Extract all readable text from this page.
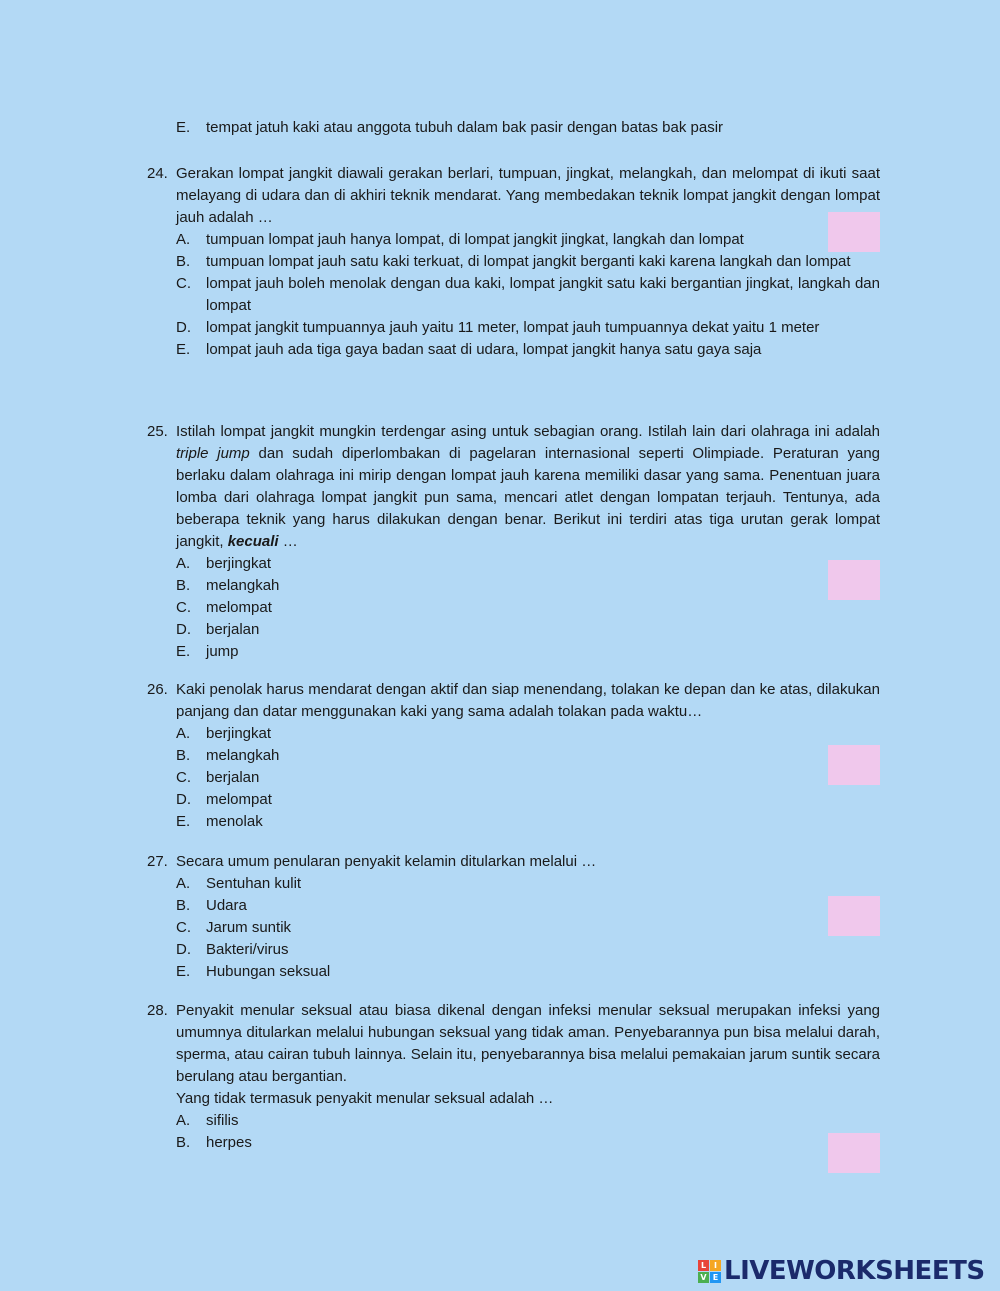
E. tempat jatuh kaki atau anggota tubuh dalam bak pasir dengan batas bak pasir
24. Gerakan lompat jangkit diawali gerakan berlari, tumpuan, jingkat, melangkah, dan melompat di ikuti saat melayang di udara dan di akhiri teknik mendarat. Yang membedakan teknik lompat jangkit dengan lompat jauh adalah …
A. tumpuan lompat jauh hanya lompat, di lompat jangkit jingkat, langkah dan lompat
B. tumpuan lompat jauh satu kaki terkuat, di lompat jangkit berganti kaki karena langkah dan lompat
C. lompat jauh boleh menolak dengan dua kaki, lompat jangkit satu kaki bergantian jingkat, langkah dan lompat
D. lompat jangkit tumpuannya jauh yaitu 11 meter, lompat jauh tumpuannya dekat yaitu 1 meter
E. lompat jauh ada tiga gaya badan saat di udara, lompat jangkit hanya satu gaya saja
25. Istilah lompat jangkit mungkin terdengar asing untuk sebagian orang. Istilah lain dari olahraga ini adalah triple jump dan sudah diperlombakan di pagelaran internasional seperti Olimpiade. Peraturan yang berlaku dalam olahraga ini mirip dengan lompat jauh karena memiliki dasar yang sama. Penentuan juara lomba dari olahraga lompat jangkit pun sama, mencari atlet dengan lompatan terjauh. Tentunya, ada beberapa teknik yang harus dilakukan dengan benar. Berikut ini terdiri atas tiga urutan gerak lompat jangkit, kecuali …
A. berjingkat
B. melangkah
C. melompat
D. berjalan
E. jump
26. Kaki penolak harus mendarat dengan aktif dan siap menendang, tolakan ke depan dan ke atas, dilakukan panjang dan datar menggunakan kaki yang sama adalah tolakan pada waktu…
A. berjingkat
B. melangkah
C. berjalan
D. melompat
E. menolak
27. Secara umum penularan penyakit kelamin ditularkan melalui …
A. Sentuhan kulit
B. Udara
C. Jarum suntik
D. Bakteri/virus
E. Hubungan seksual
28. Penyakit menular seksual atau biasa dikenal dengan infeksi menular seksual merupakan infeksi yang umumnya ditularkan melalui hubungan seksual yang tidak aman. Penyebarannya pun bisa melalui darah, sperma, atau cairan tubuh lainnya. Selain itu, penyebarannya bisa melalui pemakaian jarum suntik secara berulang atau bergantian.

Yang tidak termasuk penyakit menular seksual adalah …

A. sifilis
B. herpes
L I
V E LIVEWORKSHEETS
